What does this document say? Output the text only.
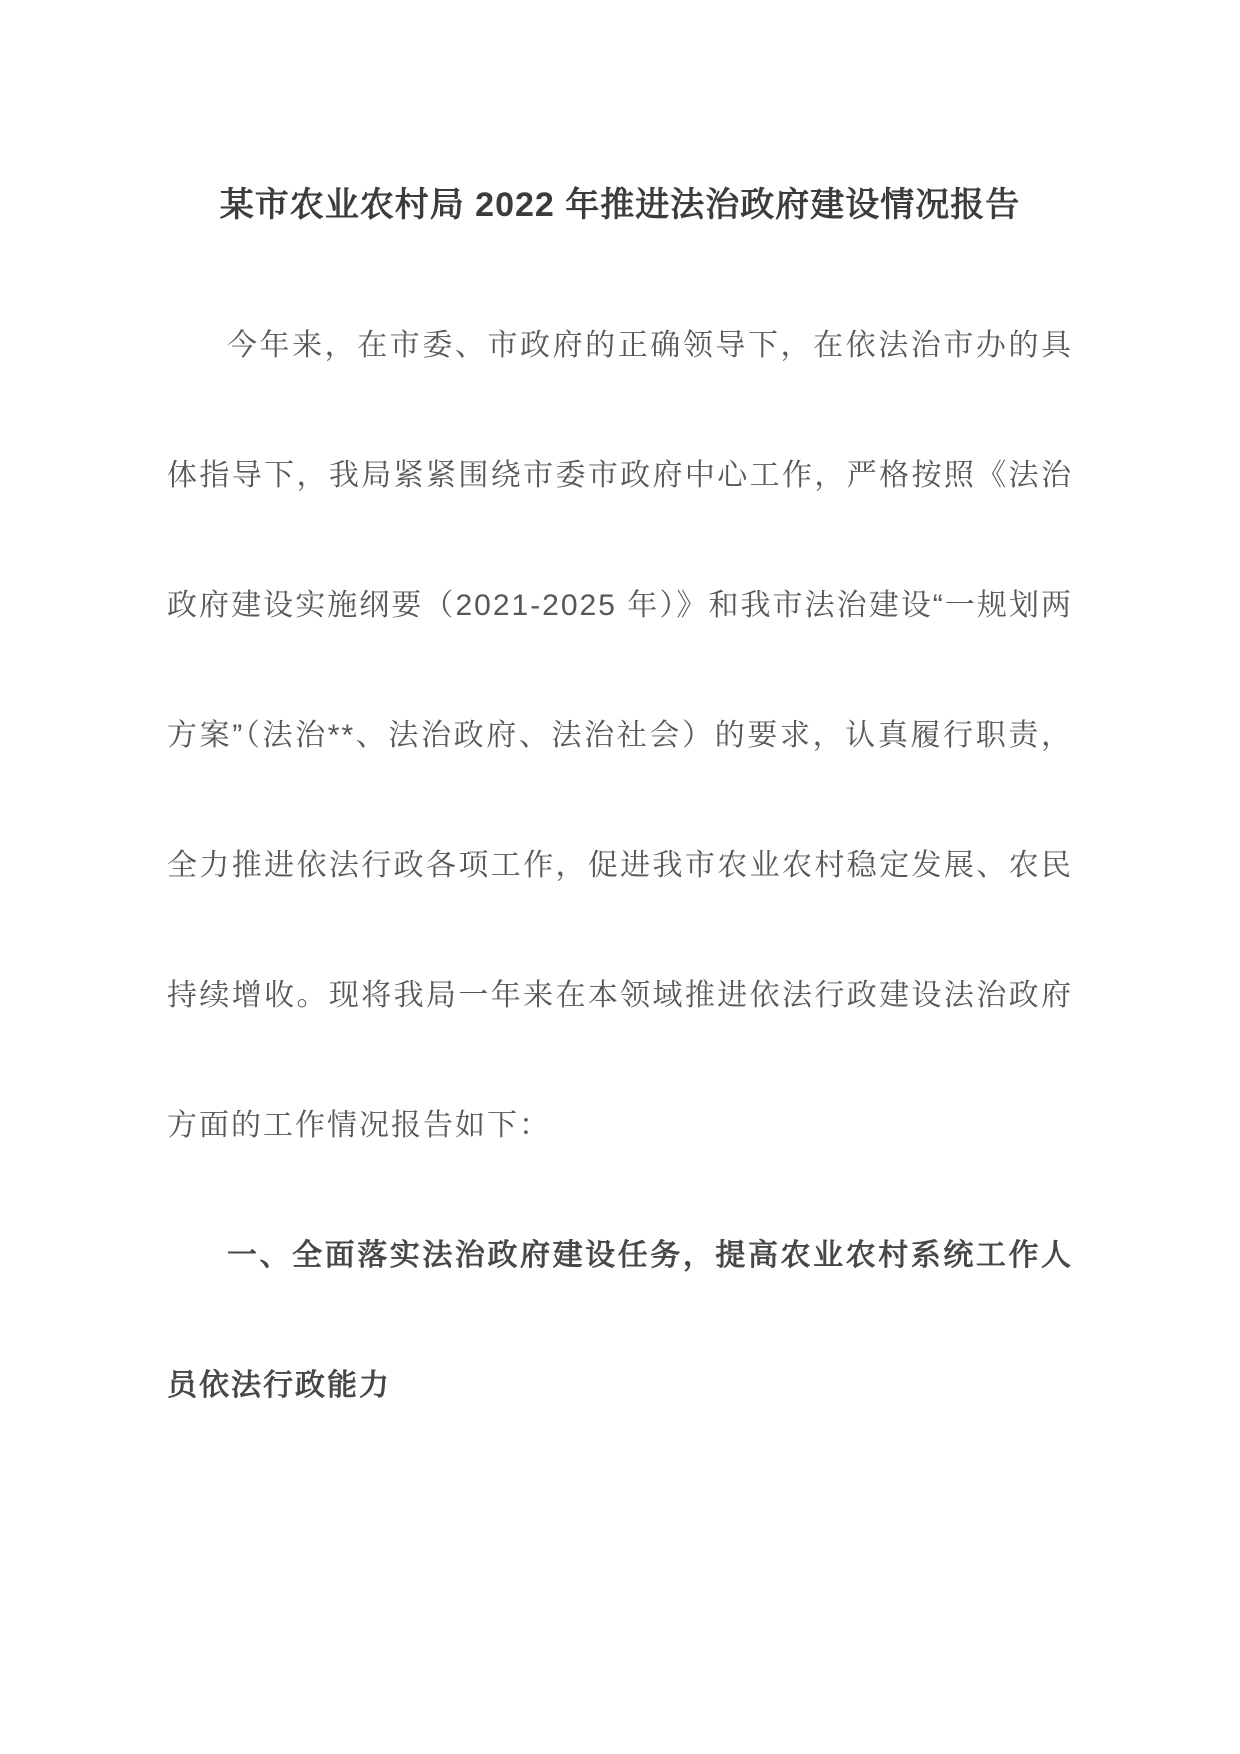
某市农业农村局 2022 年推进法治政府建设情况报告

今年来，在市委、市政府的正确领导下，在依法治市办的具体指导下，我局紧紧围绕市委市政府中心工作，严格按照《法治政府建设实施纲要（2021-2025 年）》和我市法治建设“一规划两方案”（法治**、法治政府、法治社会）的要求，认真履行职责，全力推进依法行政各项工作，促进我市农业农村稳定发展、农民持续增收。现将我局一年来在本领域推进依法行政建设法治政府方面的工作情况报告如下：

一、全面落实法治政府建设任务，提高农业农村系统工作人员依法行政能力
